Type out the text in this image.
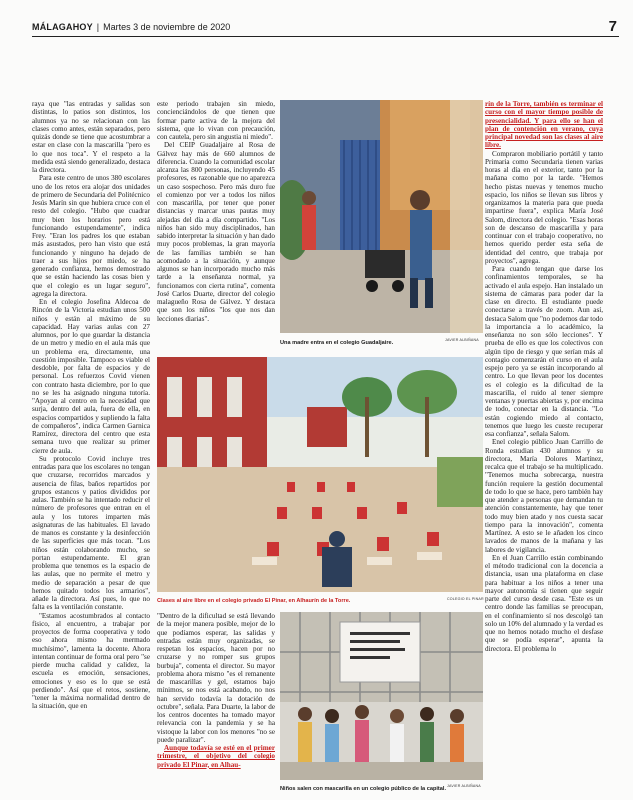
MÁLAGAHOY | Martes 3 de noviembre de 2020	7

raya que "las entradas y salidas son distintas, lo patios son distintos, los alumnos ya no se relacionan con las clases como antes, están separados, pero quizás donde se tiene que acostumbrar a estar en clase con la mascarilla "pero es lo que nos toca". Y el respeto a la medida está siendo generalizado, destaca la directora.

Para este centro de unos 380 escolares uno de los retos era alojar dos unidades de primero de Secundaria del Politécnico Jesús Marín sin que hubiera cruce con el resto del colegio. "Hubo que cuadrar muy bien los horarios pero está funcionando estupendamente", indica Frey. "Eran los padres los que estaban más asustados, pero han visto que está funcionando y ninguno ha dejado de traer a sus hijos por miedo, se ha generado confianza, hemos demostrado que se están haciendo las cosas bien y que el colegio es un lugar seguro", agrega la directora.

En el colegio Josefina Aldecoa de Rincón de la Victoria estudian unos 500 niños y están al máximo de su capacidad. Hay varias aulas con 27 alumnos, por lo que guardar la distancia de un metro y medio en el aula más que un problema era, directamente, una cuestión imposible. Tampoco es viable el desdoble, por falta de espacios y de personal. Los refuerzos Covid vienen con contrato hasta diciembre, por lo que no se les ha asignado ninguna tutoría. "Apoyan al centro en la necesidad que surja, dentro del aula, fuera de ella, en espacios compartidos y supliendo la falta de compañeros", indica Carmen Garnica Ramírez, directora del centro que esta semana tuvo que realizar su primer cierre de aula.

Su protocolo Covid incluye tres entradas para que los escolares no tengan que cruzarse, recorridos marcados y ausencia de filas, baños repartidos por grupos estancos y patios divididos por aulas. También se ha intentado reducir el número de profesores que entran en el aula y los tutores imparten más asignaturas de las habituales. El lavado de manos es constante y la desinfección de las superficies que más tocan. "Los niños están colaborando mucho, se portan estupendamente. El gran problema que tenemos es la espacio de las aulas, que no permite el metro y medio de separación a pesar de que hemos quitado todos los armarios", añade la directora. Así pues, lo que no falta es la ventilación constante.

"Estamos acostumbrados al contacto físico, al encuentro, a trabajar por proyectos de forma cooperativa y todo eso ahora mismo ha mermado muchísimo", lamenta la docente. Ahora intentan continuar de forma oral pero "se pierde mucha calidad y calidez, la escuela es emoción, sensaciones, emociones y eso es lo que se está perdiendo". Así que el retos, sostiene, "tener la máxima normalidad dentro de la situación, que en

este periodo trabajen sin miedo, concienciándolos de que tienen que formar parte activa de la mejora del sistema, que lo vivan con precaución, con cautela, pero sin angustia ni miedo".

Del CEIP Guadaljaire al Rosa de Gálvez hay más de 660 alumnos de diferencia. Cuando la comunidad escolar alcanza las 800 personas, incluyendo 45 profesores, es razonable que no aparezca un caso sospechoso. Pero más duro fue el comienzo por ver a todos los niños con mascarilla, por tener que poner distancias y marcar unas pautas muy alejadas del día a día compartido. "Los niños han sido muy disciplinados, han sabido interpretar la situación y han dado muy pocos problemas, la gran mayoría de las familias también se han acomodado a la situación, y aunque algunos se han incorporado mucho más tarde a la enseñanza normal, ya funcionamos con cierta rutina", comenta José Carlos Duarte, director del colegio malagueño Rosa de Gálvez. Y destaca que son los niños "los que nos dan lecciones diarias".

Una madre entra en el colegio Guadaljaire.	JAVIER ALBIÑANA
Clases al aire libre en el colegio privado El Pinar, en Alhaurín de la Torre.	COLEGIO EL PINAR

"Dentro de la dificultad se está llevando de la mejor manera posible, mejor de lo que podíamos esperar, las salidas y entradas están muy organizadas, se respetan los espacios, hacen por no cruzarse y no romper sus grupos burbuja", comenta el director. Su mayor problema ahora mismo "es el remanente de mascarillas y gel, estamos bajo mínimos, se nos está acabando, no nos han servido todavía la dotación de octubre", señala. Para Duarte, la labor de los centros docentes ha tomado mayor relevancia con la pandemia y se ha vistoque la labor con los menores "no se puede paralizar".

Aunque todavía se esté en el primer trimestre, el objetivo del colegio privado El Pinar, en Alhau-

Niños salen con mascarilla en un colegio público de la capital. JAVIER ALBIÑANA

rín de la Torre, también es terminar el curso con el mayor tiempo posible de presencialidad. Y para ello se han el plan de contención en verano, cuya principal novedad son las clases al aire libre.

Compraron mobiliario portátil y tanto Primaria como Secundaria tienen varias horas al día en el exterior, tanto por la mañana como por la tarde. "Hemos hecho pistas nuevas y tenemos mucho espacio, los niños se llevan sus libros y organizamos la materia para que pueda impartirse fuera", explica María José Salom, directora del colegio. "Esas horas son de descanso de mascarilla y para continuar con el trabajo cooperativo, no hemos querido perder esta seña de identidad del centro, que trabaja por proyectos", agrega.

Para cuando tengan que darse los confinamientos temporales, se ha activado el aula espejo. Han instalado un sistema de cámaras para poder dar la clase en directo. El estudiante puede conectarse a través de zoom. Aun así, destaca Salom que "no podemos dar todo la importancia a lo académico, la enseñanza no son sólo lecciones". Y prueba de ello es que los colectivos con algún tipo de riesgo y que serían más al contagio comenzarán el curso en el aula espejo pero ya se están incorporando al centro. Lo que llevan peor los docentes es el colegio es la dificultad de la mascarilla, el ruido al tener siempre ventanas y puertas abiertas y, por encima de todo, conectar en la distancia. "Lo están cogiendo miedo al contacto, tenemos que luego les cueste recuperar esa confianza", señala Salom.

Enel colegio público Juan Carrillo de Ronda estudian 430 alumnos y su directora, María Dolores Martínez, recalca que el trabajo se ha multiplicado. "Tenemos mucha sobrecarga, nuestra función requiere la gestión documental de todo lo que se hace, pero también hay que atender a personas que demandan tu atención constantemente, hay que tener todo muy bien atado y nos cuesta sacar tiempo para la innovación", comenta Martínez. A esto se le añaden los cinco lavados de manos de la mañana y las labores de vigilancia.

En el Juan Carrillo están combinando el método tradicional con la docencia a distancia, usan una plataforma en clase para habituar a los niños a tener una mayor autonomía si tienen que seguir parte del curso desde casa. "Este es un centro donde las familias se preocupan, en el confinamiento sí nos descolgó tan solo un 10% del alumnado y la verdad es que no hemos notado mucho el desfase que se podía esperar", apunta la directora. El problema lo
